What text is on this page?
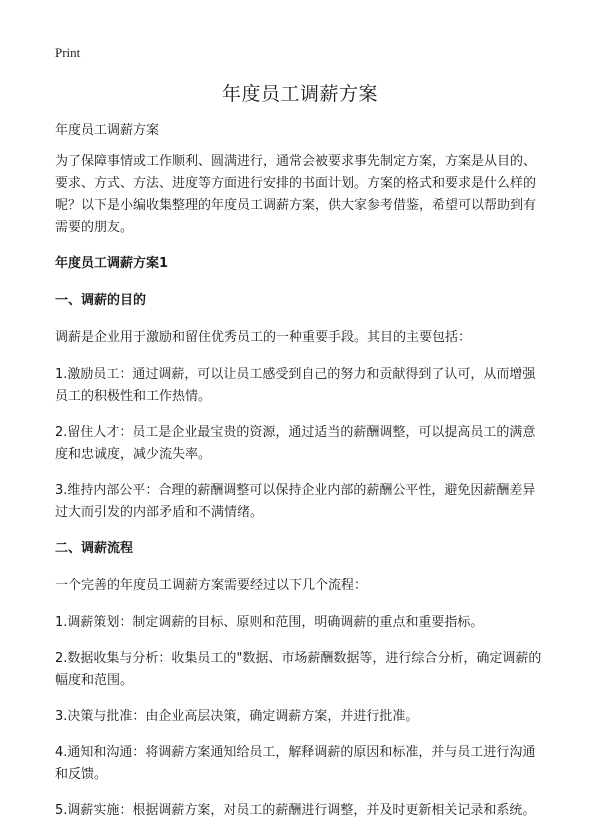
Print
年度员工调薪方案

年度员工调薪方案

为了保障事情或工作顺利、圆满进行，通常会被要求事先制定方案，方案是从目的、要求、方式、方法、进度等方面进行安排的书面计划。方案的格式和要求是什么样的呢？以下是小编收集整理的年度员工调薪方案，供大家参考借鉴，希望可以帮助到有需要的朋友。

年度员工调薪方案1

一、调薪的目的

调薪是企业用于激励和留住优秀员工的一种重要手段。其目的主要包括：

1.激励员工：通过调薪，可以让员工感受到自己的努力和贡献得到了认可，从而增强员工的积极性和工作热情。

2.留住人才：员工是企业最宝贵的资源，通过适当的薪酬调整，可以提高员工的满意度和忠诚度，减少流失率。

3.维持内部公平：合理的薪酬调整可以保持企业内部的薪酬公平性，避免因薪酬差异过大而引发的内部矛盾和不满情绪。

二、调薪流程

一个完善的年度员工调薪方案需要经过以下几个流程：

1.调薪策划：制定调薪的目标、原则和范围，明确调薪的重点和重要指标。

2.数据收集与分析：收集员工的"数据、市场薪酬数据等，进行综合分析，确定调薪的幅度和范围。

3.决策与批准：由企业高层决策，确定调薪方案，并进行批准。

4.通知和沟通：将调薪方案通知给员工，解释调薪的原因和标准，并与员工进行沟通和反馈。

5.调薪实施：根据调薪方案，对员工的薪酬进行调整，并及时更新相关记录和系统。
